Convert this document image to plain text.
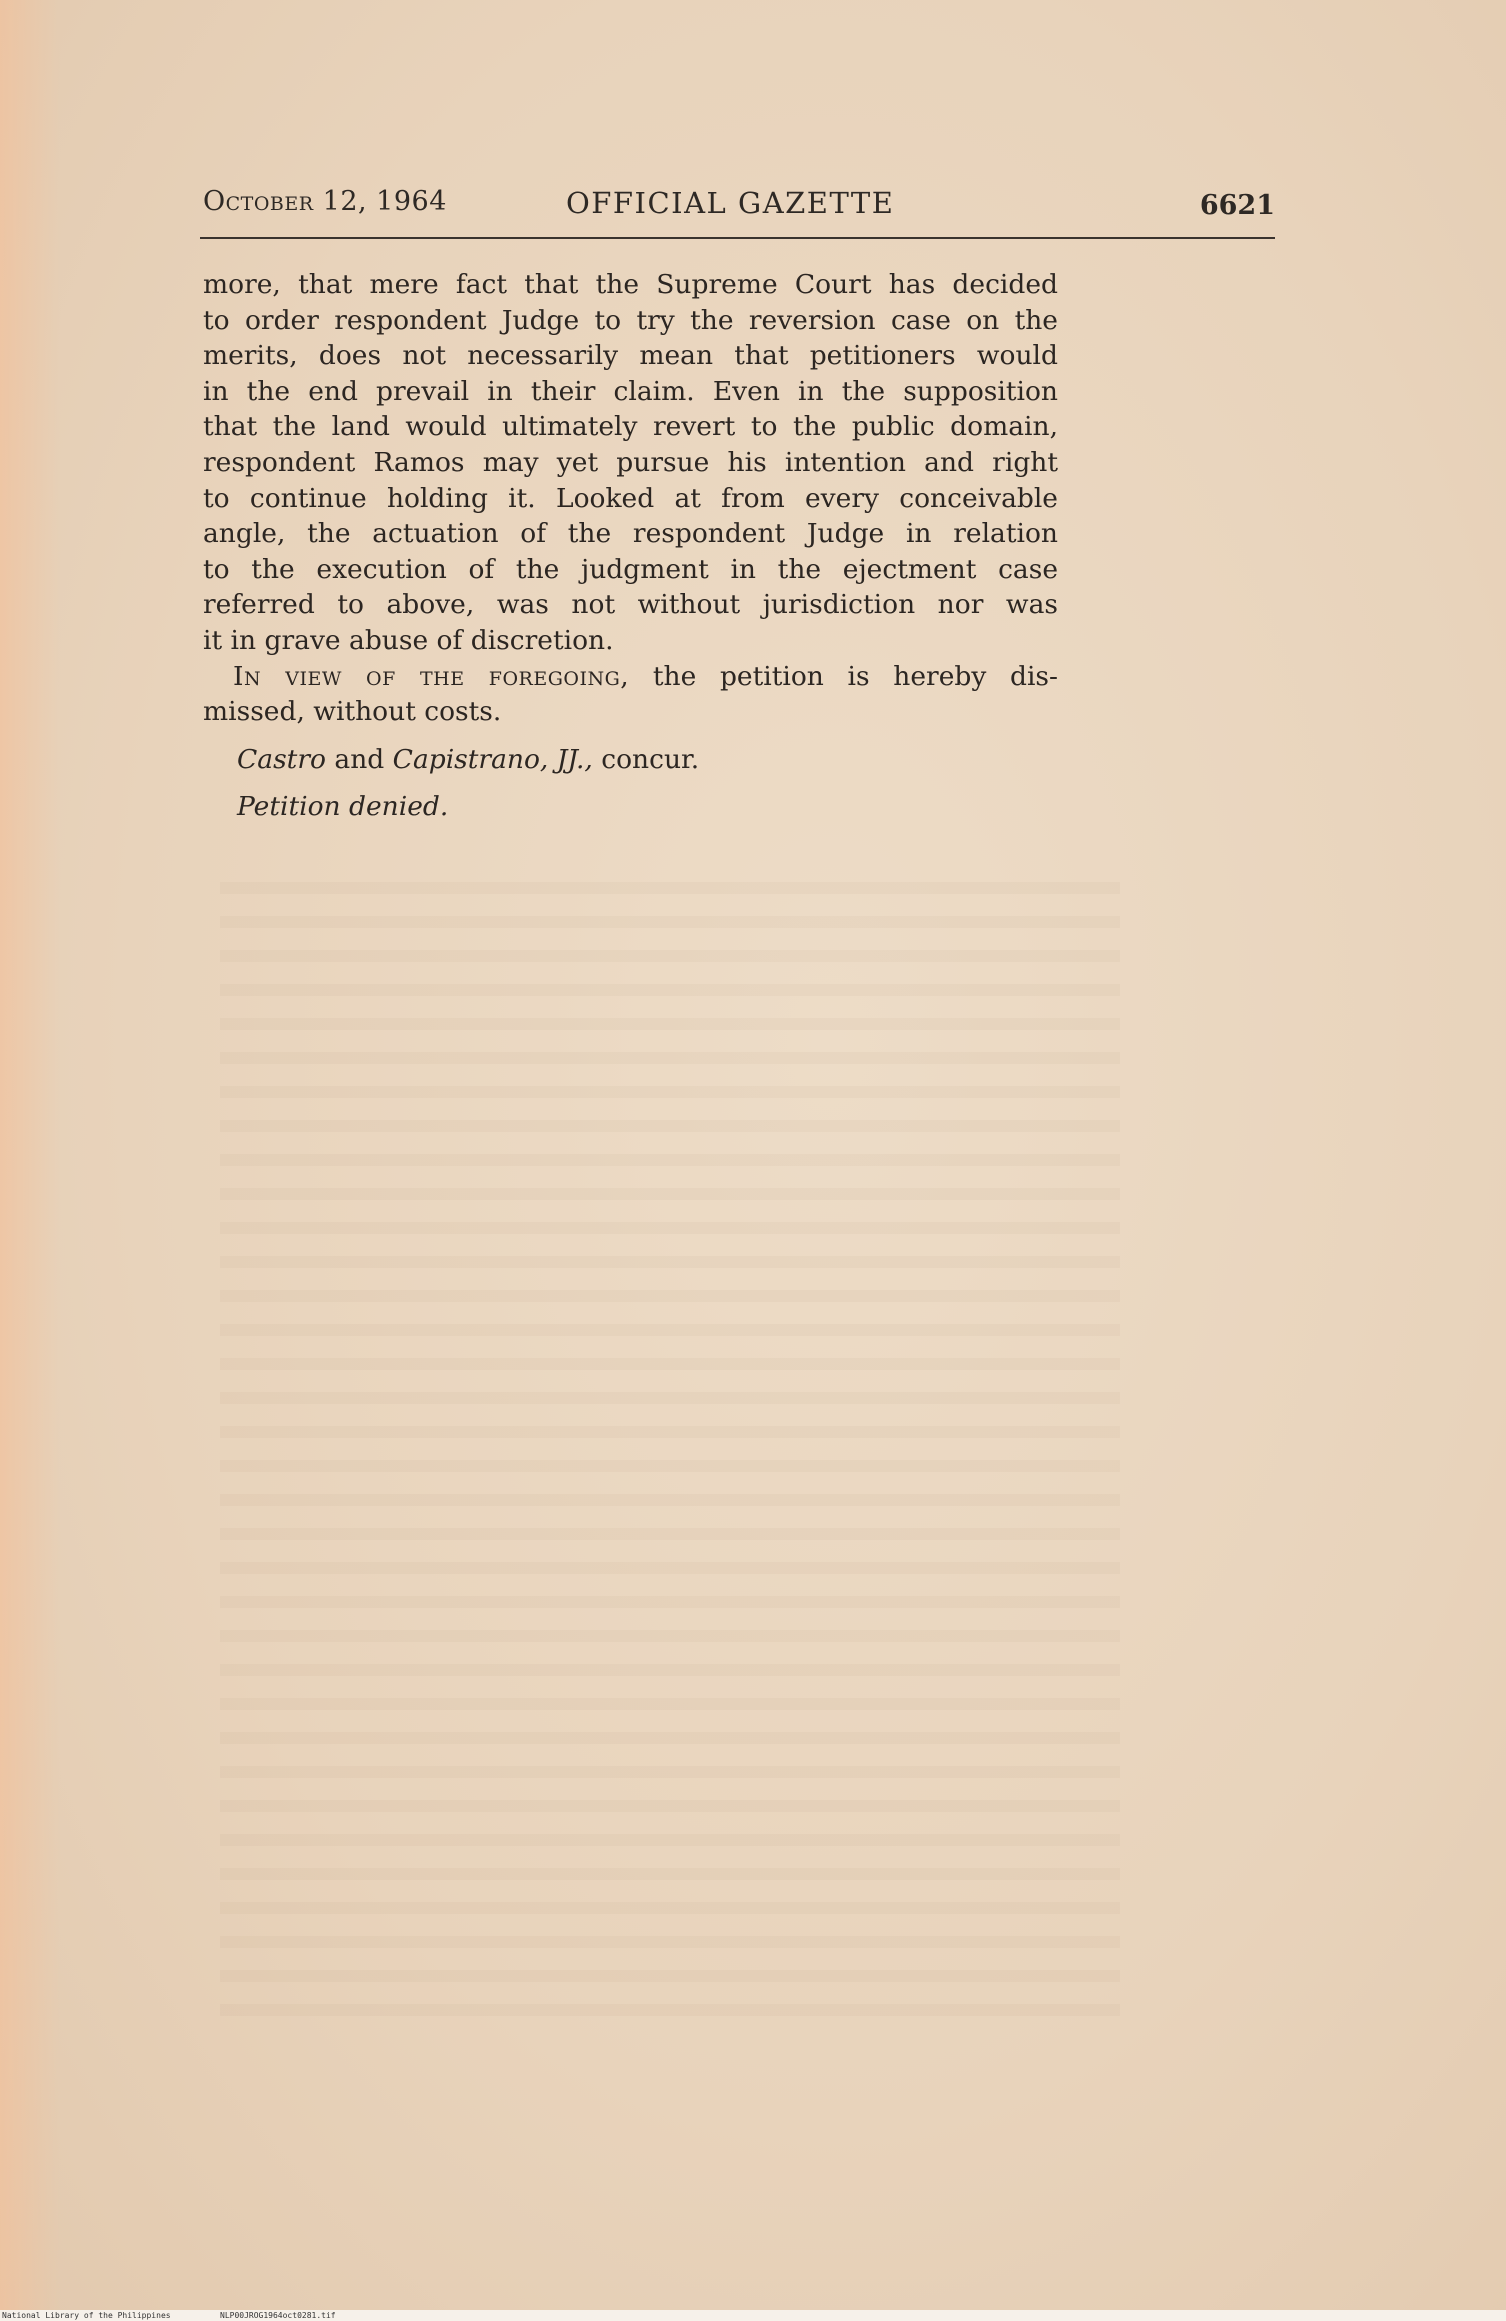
October 12, 1964	OFFICIAL GAZETTE	6621
more, that mere fact that the Supreme Court has decided
to order respondent Judge to try the reversion case on the
merits, does not necessarily mean that petitioners would
in the end prevail in their claim. Even in the supposition
that the land would ultimately revert to the public domain,
respondent Ramos may yet pursue his intention and right
to continue holding it. Looked at from every conceivable
angle, the actuation of the respondent Judge in relation
to the execution of the judgment in the ejectment case
referred to above, was not without jurisdiction nor was
it in grave abuse of discretion.
In view of the foregoing, the petition is hereby dis-
missed, without costs.
Castro and Capistrano, JJ., concur.
Petition denied.
National Library of the Philippines	NLP00JROG1964oct0281.tif
